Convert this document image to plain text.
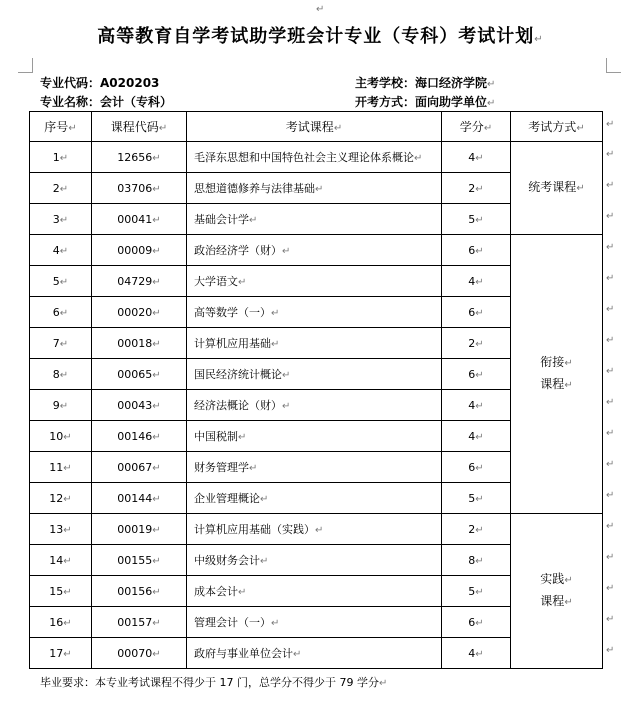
↵
高等教育自学考试助学班会计专业（专科）考试计划↵
专业代码：A020203
专业名称：会计（专科）
主考学校：海口经济学院↵
开考方式：面向助学单位↵
序号↵	课程代码↵	考试课程↵	学分↵	考试方式↵
1↵	12656↵	毛泽东思想和中国特色社会主义理论体系概论↵	4↵	统考课程↵
2↵	03706↵	思想道德修养与法律基础↵	2↵	
3↵	00041↵	基础会计学↵	5↵	
4↵	00009↵	政治经济学（财）↵	6↵	衔接↵
课程↵
5↵	04729↵	大学语文↵	4↵	
6↵	00020↵	高等数学（一）↵	6↵	
7↵	00018↵	计算机应用基础↵	2↵	
8↵	00065↵	国民经济统计概论↵	6↵	
9↵	00043↵	经济法概论（财）↵	4↵	
10↵	00146↵	中国税制↵	4↵	
11↵	00067↵	财务管理学↵	6↵	
12↵	00144↵	企业管理概论↵	5↵	
13↵	00019↵	计算机应用基础（实践）↵	2↵	实践↵
课程↵
14↵	00155↵	中级财务会计↵	8↵	
15↵	00156↵	成本会计↵	5↵	
16↵	00157↵	管理会计（一）↵	6↵	
17↵	00070↵	政府与事业单位会计↵	4↵	
↵
↵
↵
↵
↵
↵
↵
↵
↵
↵
↵
↵
↵
↵
↵
↵
↵
↵
毕业要求：本专业考试课程不得少于 17 门，总学分不得少于 79 学分↵
